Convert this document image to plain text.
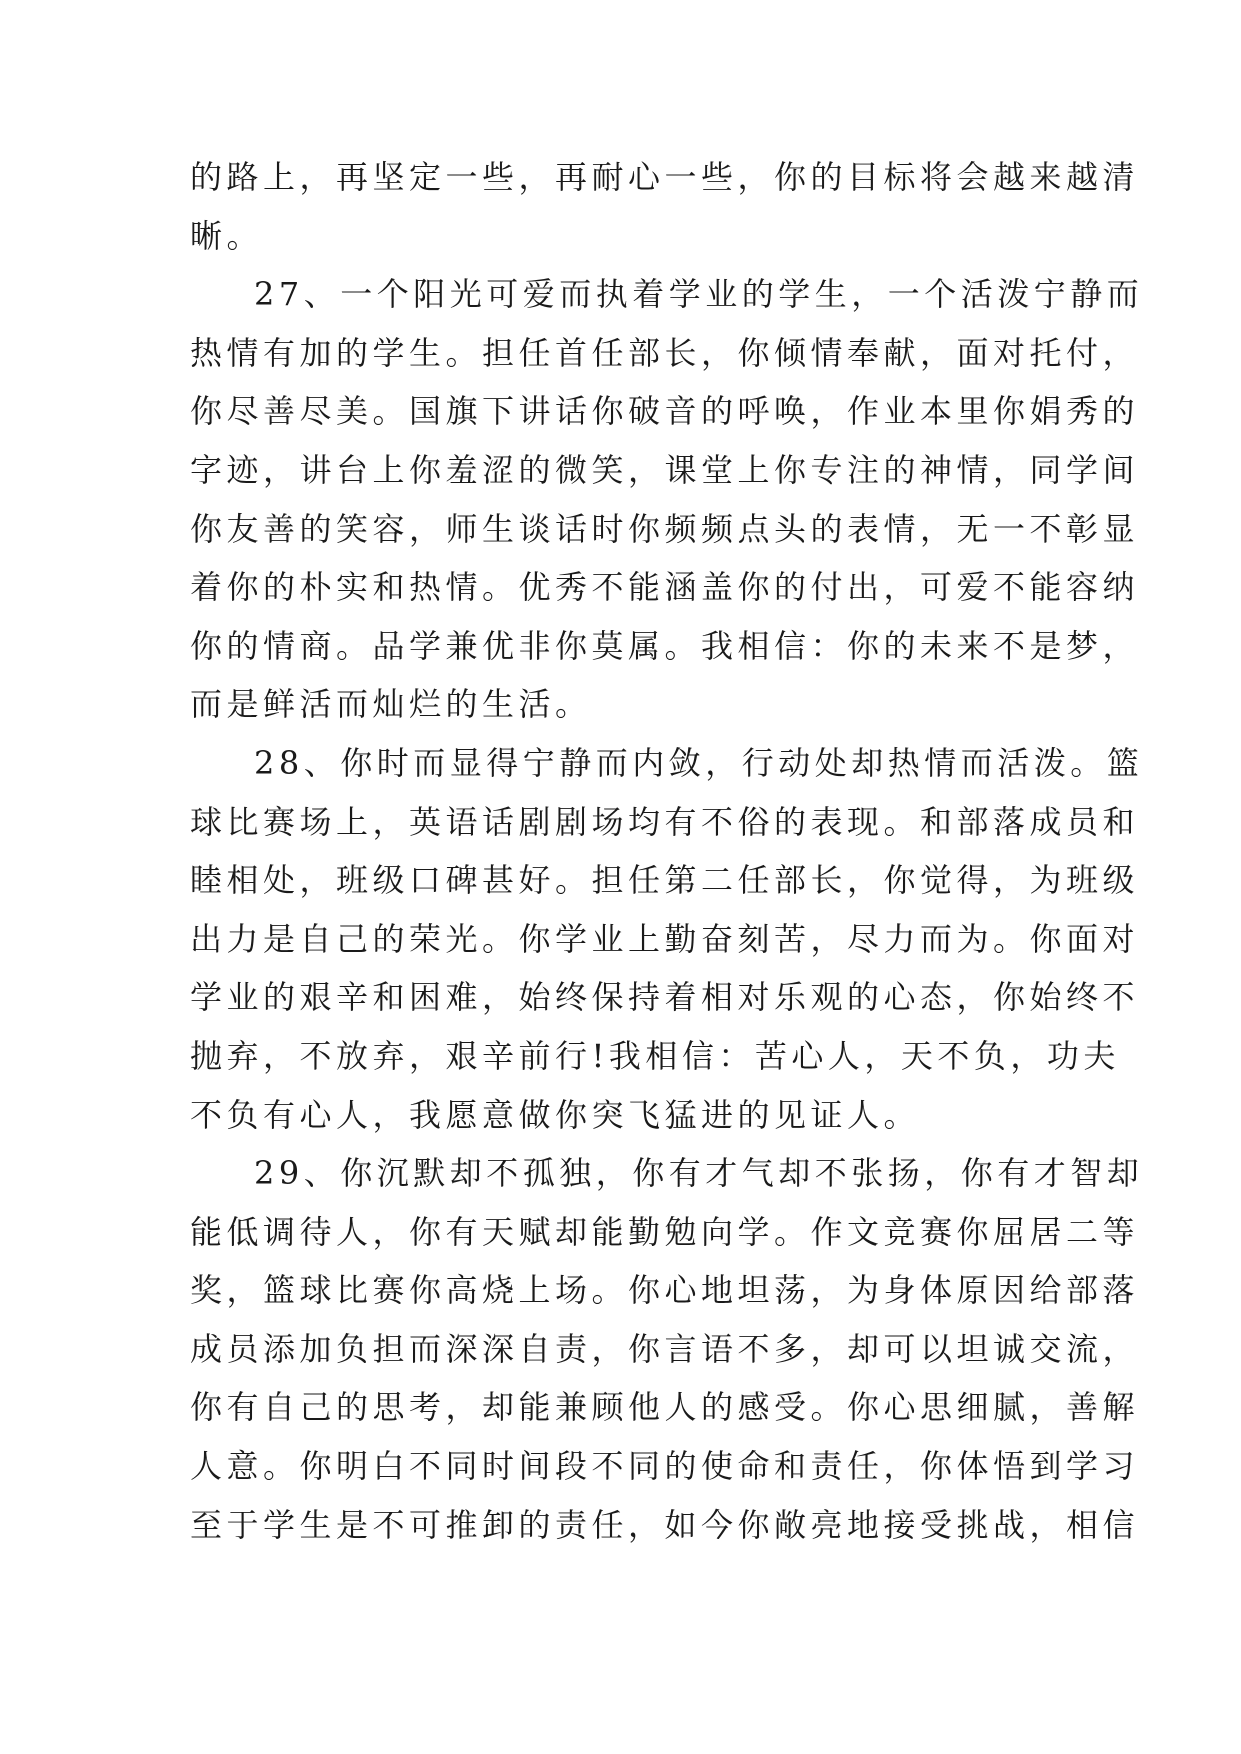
的路上，再坚定一些，再耐心一些，你的目标将会越来越清
晰。
27、一个阳光可爱而执着学业的学生，一个活泼宁静而
热情有加的学生。担任首任部长，你倾情奉献，面对托付，
你尽善尽美。国旗下讲话你破音的呼唤，作业本里你娟秀的
字迹，讲台上你羞涩的微笑，课堂上你专注的神情，同学间
你友善的笑容，师生谈话时你频频点头的表情，无一不彰显
着你的朴实和热情。优秀不能涵盖你的付出，可爱不能容纳
你的情商。品学兼优非你莫属。我相信：你的未来不是梦，
而是鲜活而灿烂的生活。
28、你时而显得宁静而内敛，行动处却热情而活泼。篮
球比赛场上，英语话剧剧场均有不俗的表现。和部落成员和
睦相处，班级口碑甚好。担任第二任部长，你觉得，为班级
出力是自己的荣光。你学业上勤奋刻苦，尽力而为。你面对
学业的艰辛和困难，始终保持着相对乐观的心态，你始终不
抛弃，不放弃，艰辛前行!我相信：苦心人，天不负，功夫
不负有心人，我愿意做你突飞猛进的见证人。
29、你沉默却不孤独，你有才气却不张扬，你有才智却
能低调待人，你有天赋却能勤勉向学。作文竞赛你屈居二等
奖，篮球比赛你高烧上场。你心地坦荡，为身体原因给部落
成员添加负担而深深自责，你言语不多，却可以坦诚交流，
你有自己的思考，却能兼顾他人的感受。你心思细腻，善解
人意。你明白不同时间段不同的使命和责任，你体悟到学习
至于学生是不可推卸的责任，如今你敞亮地接受挑战，相信
